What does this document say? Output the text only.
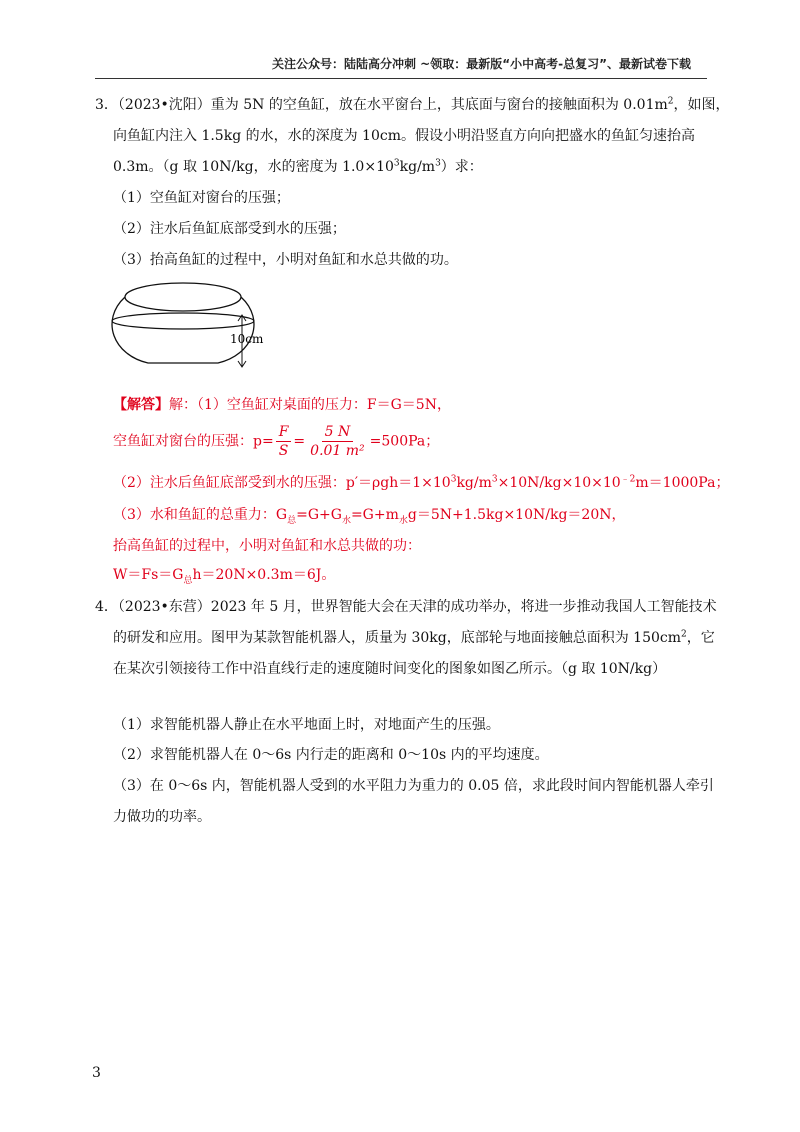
关注公众号：陆陆高分冲刺 ~领取：最新版“小中高考-总复习”、最新试卷下载
3．（2023•沈阳）重为 5N 的空鱼缸，放在水平窗台上，其底面与窗台的接触面积为 $0.01m^2$，如图，
向鱼缸内注入 1.5kg 的水，水的深度为 10cm。假设小明沿竖直方向向把盛水的鱼缸匀速抬高
0.3m。（g 取 10N/kg，水的密度为 $1.0\times 10^3kg/m^3$）求：
（1）空鱼缸对窗台的压强；
（2）注水后鱼缸底部受到水的压强；
（3）抬高鱼缸的过程中，小明对鱼缸和水总共做的功。
10cm
【解答】解：（1）空鱼缸对桌面的压力：F＝G＝5N，
空鱼缸对窗台的压强：$p= \frac{F}{S} = \frac{5 N}{\text{0.01 m²}} =500Pa$；
（2）注水后鱼缸底部受到水的压强：$p'=\rho gh=1\times 10^3kg/m^3\times 10N/kg\times 10\times 10^{﹣2}m=1000Pa$；
（3）水和鱼缸的总重力：$G_总=G+G_水=G+m_水g=5N+1.5kg\times 10N/kg=20N$，
抬高鱼缸的过程中，小明对鱼缸和水总共做的功：
$W=Fs=G_总h=20N\times 0.3m=6J$。
4．（2023•东营）2023 年 5 月，世界智能大会在天津的成功举办，将进一步推动我国人工智能技术
的研发和应用。图甲为某款智能机器人，质量为 30kg，底部轮与地面接触总面积为 $150cm^2$，它
在某次引领接待工作中沿直线行走的速度随时间变化的图象如图乙所示。（g 取 10N/kg）
（1）求智能机器人静止在水平地面上时，对地面产生的压强。
（2）求智能机器人在 0～6s 内行走的距离和 0～10s 内的平均速度。
（3）在 0～6s 内，智能机器人受到的水平阻力为重力的 0.05 倍，求此段时间内智能机器人牵引
力做功的功率。
3
